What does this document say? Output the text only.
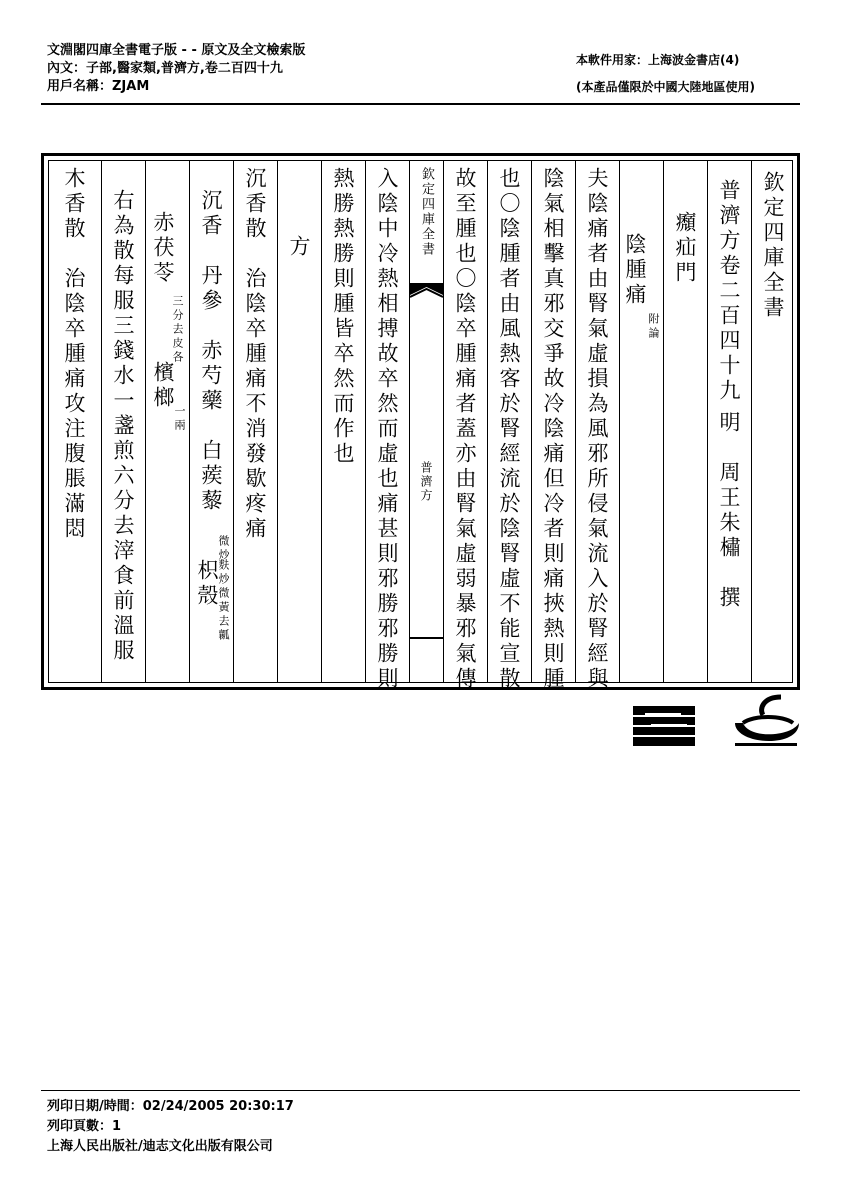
文淵閣四庫全書電子版 - - 原文及全文檢索版
內文：子部,醫家類,普濟方,卷二百四十九
用戶名稱：ZJAM
本軟件用家：上海波金書店(4)
(本產品僅限於中國大陸地區使用)
欽定四庫全書
普濟方卷二百四十九
明　周王朱橚　撰
㿗疝門
陰腫痛
附論
夫陰痛者由腎氣虛損為風邪所侵氣流入於腎經與
陰氣相擊真邪交爭故冷陰痛但冷者則痛挾熱則腫
也〇陰腫者由風熱客於腎經流於陰腎虛不能宣散
故至腫也〇陰卒腫痛者蓋亦由腎氣虛弱暴邪氣傳
欽定四庫全書
普濟方
入陰中冷熱相搏故卒然而虛也痛甚則邪勝邪勝則
熱勝熱勝則腫皆卒然而作也
方
沉香散　治陰卒腫痛不消發歇疼痛
沉香　丹參　赤芍藥　白蒺藜
微炒
枳殼
麩炒微黃去瓤
赤茯苓
三分去皮各
檳榔
一兩
右為散每服三錢水一盞煎六分去滓食前溫服
木香散　治陰卒腫痛攻注腹脹滿悶
列印日期/時間：02/24/2005 20:30:17
列印頁數：1
上海人民出版社/迪志文化出版有限公司
